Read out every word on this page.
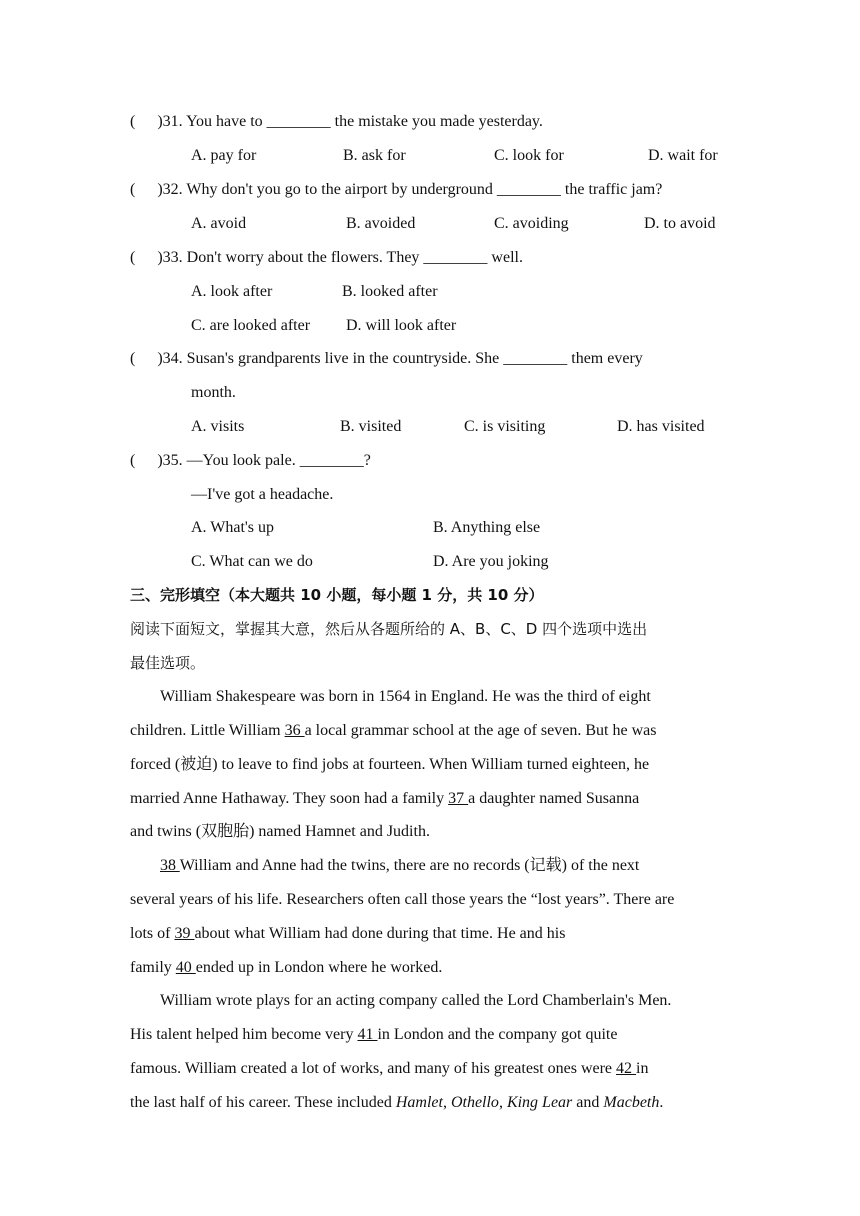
( )31. You have to ________ the mistake you made yesterday.
A. pay for	B. ask for	C. look for	D. wait for
( )32. Why don't you go to the airport by underground ________ the traffic jam?
A. avoid	B. avoided	C. avoiding	D. to avoid
( )33. Don't worry about the flowers. They ________ well.
A. look after	B. looked after
C. are looked after D. will look after
( )34. Susan's grandparents live in the countryside. She ________ them every
month.
A. visits	B. visited	C. is visiting	D. has visited
( )35. —You look pale. ________?
—I've got a headache.
A. What's up	B. Anything else
C. What can we do	D. Are you joking
三、完形填空（本大题共 10 小题，每小题 1 分，共 10 分）
阅读下面短文，掌握其大意，然后从各题所给的 A、B、C、D 四个选项中选出
最佳选项。
William Shakespeare was born in 1564 in England. He was the third of eight
children. Little William 36 a local grammar school at the age of seven. But he was
forced (被迫) to leave to find jobs at fourteen. When William turned eighteen, he
married Anne Hathaway. They soon had a family 37 a daughter named Susanna
and twins (双胞胎) named Hamnet and Judith.
38 William and Anne had the twins, there are no records (记载) of the next
several years of his life. Researchers often call those years the “lost years”. There are
lots of 39 about what William had done during that time. He and his
family 40 ended up in London where he worked.
William wrote plays for an acting company called the Lord Chamberlain's Men.
His talent helped him become very 41 in London and the company got quite
famous. William created a lot of works, and many of his greatest ones were 42 in
the last half of his career. These included Hamlet, Othello, King Lear and Macbeth.
